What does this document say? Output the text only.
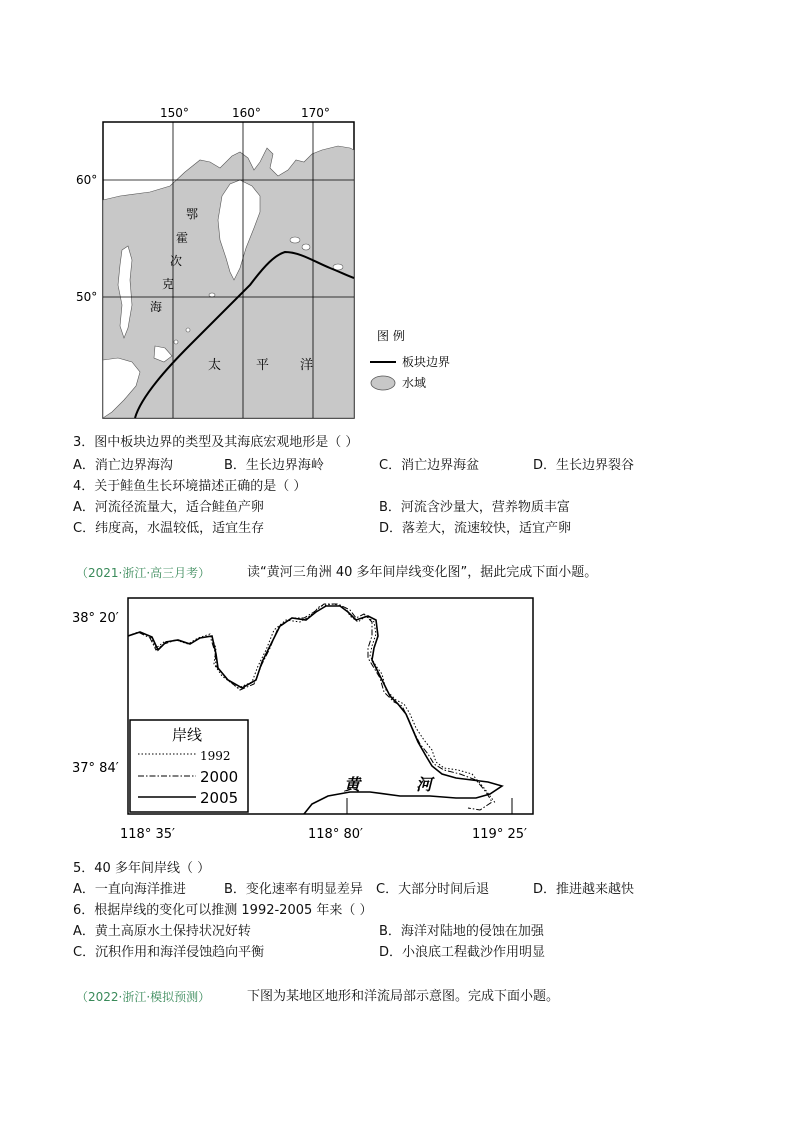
图 例
板块边界
水域
150°	160°	170°
60°
50°
鄂
霍
次
克
海
太	平 洋
3．图中板块边界的类型及其海底宏观地形是（ ）
A．消亡边界海沟	B．生长边界海岭	C．消亡边界海盆	D．生长边界裂谷
4．关于鲑鱼生长环境描述正确的是（ ）
A．河流径流量大，适合鲑鱼产卵	B．河流含沙量大，营养物质丰富
C．纬度高，水温较低，适宜生存	D．落差大，流速较快，适宜产卵
（2021·浙江·高三月考）	读“黄河三角洲 40 多年间岸线变化图”，据此完成下面小题。
黄	河
岸线
1992
2000
2005
38° 20′
37° 84′
118° 35′	118° 80′	119° 25′
5．40 多年间岸线（ ）
A．一直向海洋推进	B．变化速率有明显差异 C．大部分时间后退	D．推进越来越快
6．根据岸线的变化可以推测 1992-2005 年来（ ）
A．黄土高原水土保持状况好转	B．海洋对陆地的侵蚀在加强
C．沉积作用和海洋侵蚀趋向平衡	D．小浪底工程截沙作用明显
（2022·浙江·模拟预测）	下图为某地区地形和洋流局部示意图。完成下面小题。
